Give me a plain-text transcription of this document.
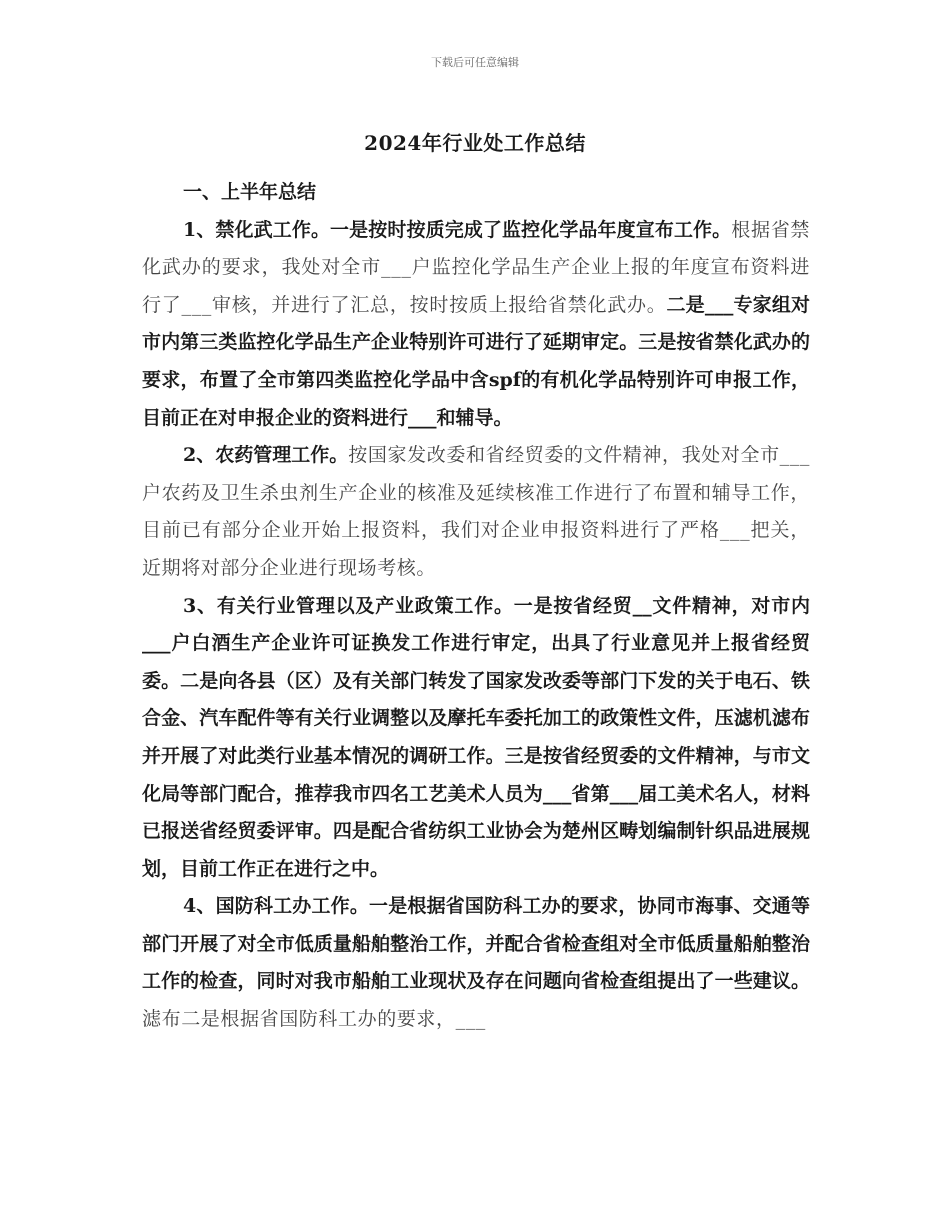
下载后可任意编辑
2024年行业处工作总结

一、上半年总结

1、禁化武工作。一是按时按质完成了监控化学品年度宣布工作。根据省禁化武办的要求，我处对全市___户监控化学品生产企业上报的年度宣布资料进行了___审核，并进行了汇总，按时按质上报给省禁化武办。二是___专家组对市内第三类监控化学品生产企业特别许可进行了延期审定。三是按省禁化武办的要求，布置了全市第四类监控化学品中含spf的有机化学品特别许可申报工作，目前正在对申报企业的资料进行___和辅导。

2、农药管理工作。按国家发改委和省经贸委的文件精神，我处对全市___户农药及卫生杀虫剂生产企业的核准及延续核准工作进行了布置和辅导工作，目前已有部分企业开始上报资料，我们对企业申报资料进行了严格___把关，近期将对部分企业进行现场考核。

3、有关行业管理以及产业政策工作。一是按省经贸__文件精神，对市内___户白酒生产企业许可证换发工作进行审定，出具了行业意见并上报省经贸委。二是向各县（区）及有关部门转发了国家发改委等部门下发的关于电石、铁合金、汽车配件等有关行业调整以及摩托车委托加工的政策性文件，压滤机滤布并开展了对此类行业基本情况的调研工作。三是按省经贸委的文件精神，与市文化局等部门配合，推荐我市四名工艺美术人员为___省第___届工美术名人，材料已报送省经贸委评审。四是配合省纺织工业协会为楚州区畴划编制针织品进展规划，目前工作正在进行之中。

4、国防科工办工作。一是根据省国防科工办的要求，协同市海事、交通等部门开展了对全市低质量船舶整治工作，并配合省检查组对全市低质量船舶整治工作的检查，同时对我市船舶工业现状及存在问题向省检查组提出了一些建议。滤布二是根据省国防科工办的要求，___
